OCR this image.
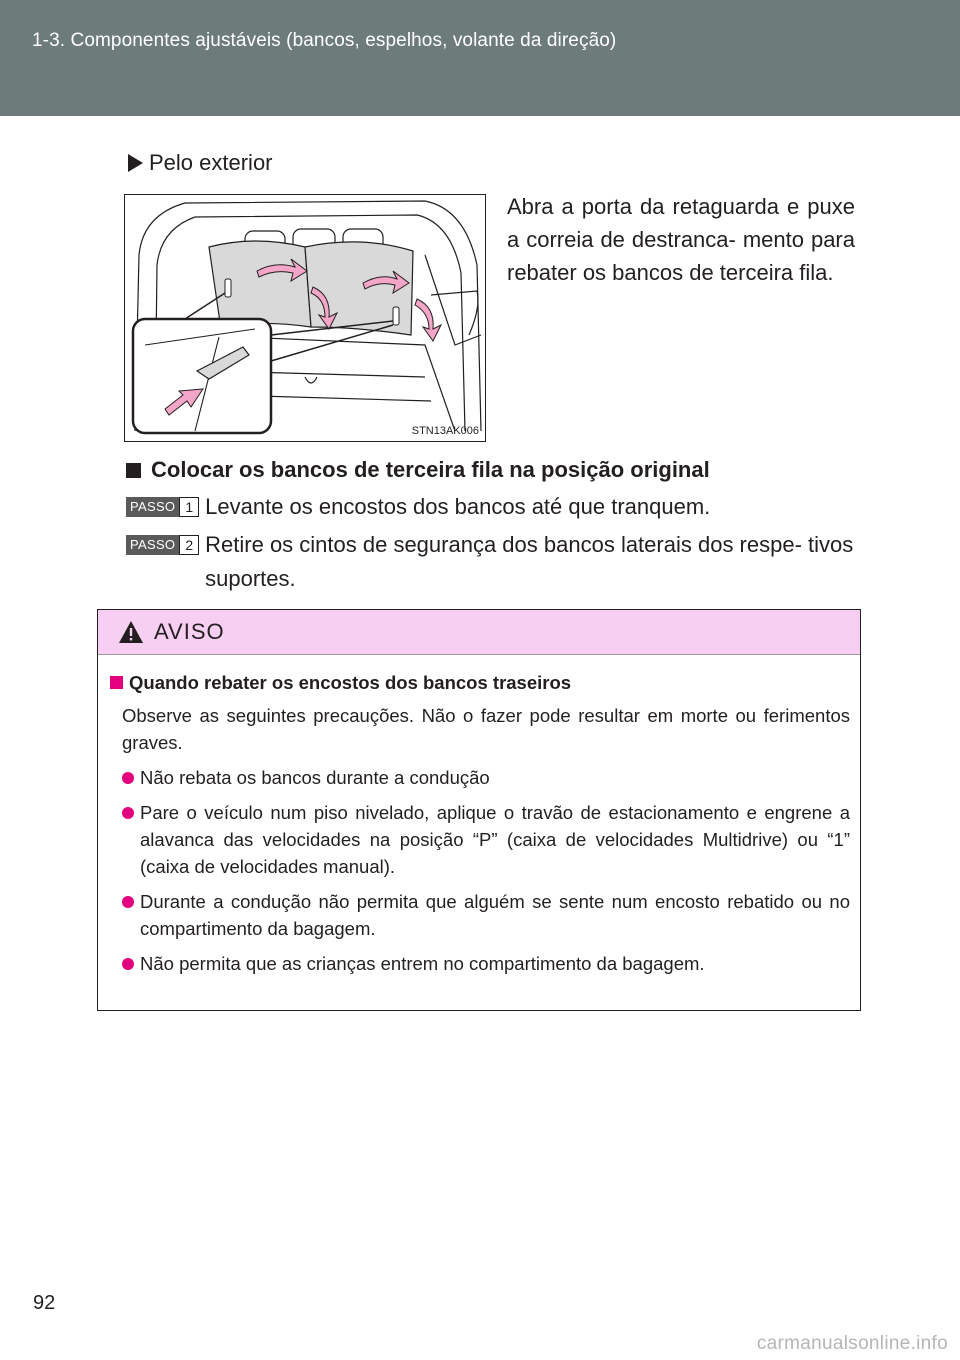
1-3. Componentes ajustáveis (bancos, espelhos, volante da direção)
Pelo exterior
STN13AK006
Abra a porta da retaguarda e puxe a correia de destranca- mento para rebater os bancos de terceira fila.
Colocar os bancos de terceira fila na posição original
PASSO 1 Levante os encostos dos bancos até que tranquem.
PASSO 2 Retire os cintos de segurança dos bancos laterais dos respe- tivos suportes.
AVISO
Quando rebater os encostos dos bancos traseiros
Observe as seguintes precauções. Não o fazer pode resultar em morte ou ferimentos graves.
Não rebata os bancos durante a condução
Pare o veículo num piso nivelado, aplique o travão de estacionamento e engrene a alavanca das velocidades na posição “P” (caixa de velocidades Multidrive) ou “1” (caixa de velocidades manual).
Durante a condução não permita que alguém se sente num encosto rebatido ou no compartimento da bagagem.
Não permita que as crianças entrem no compartimento da bagagem.
92
carmanualsonline.info
